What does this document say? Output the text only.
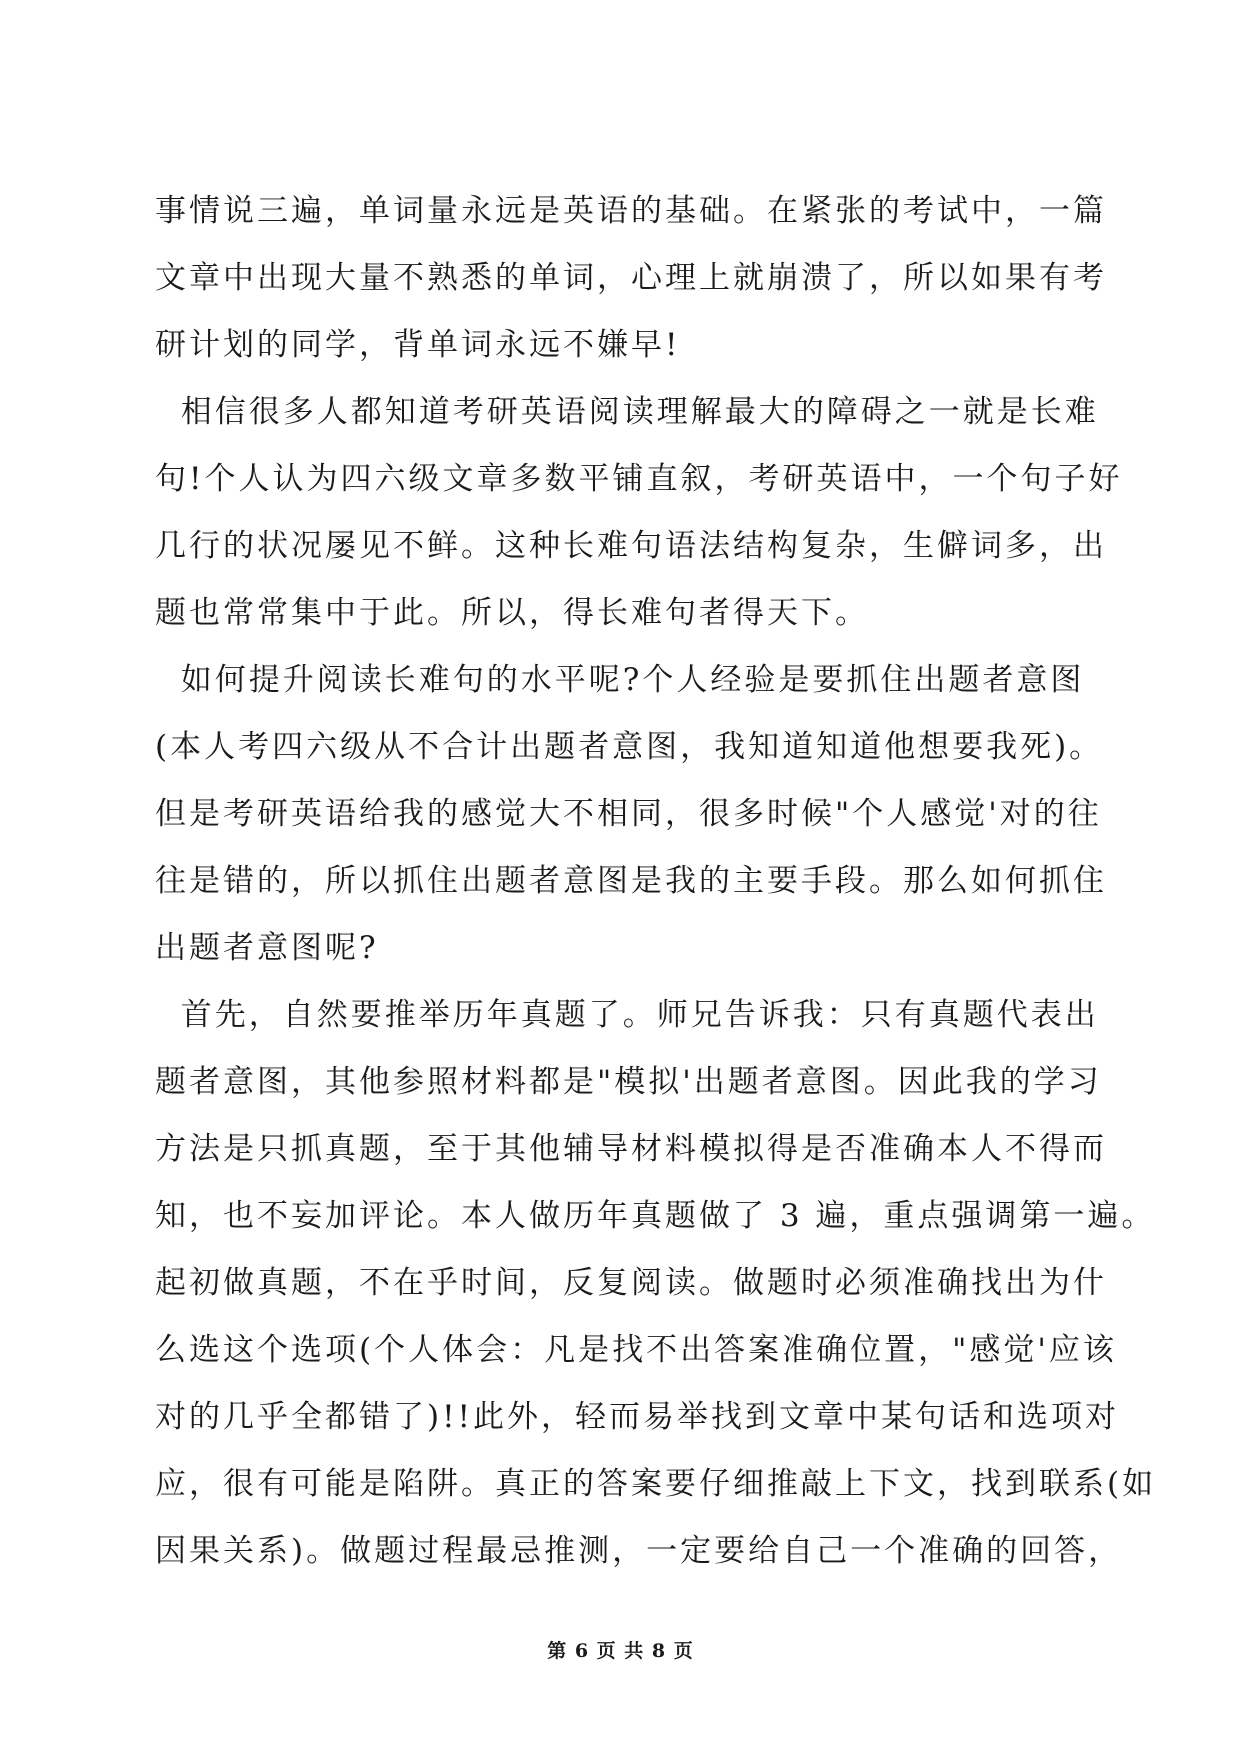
事情说三遍，单词量永远是英语的基础。在紧张的考试中，一篇
文章中出现大量不熟悉的单词，心理上就崩溃了，所以如果有考
研计划的同学，背单词永远不嫌早!
相信很多人都知道考研英语阅读理解最大的障碍之一就是长难
句!个人认为四六级文章多数平铺直叙，考研英语中，一个句子好
几行的状况屡见不鲜。这种长难句语法结构复杂，生僻词多，出
题也常常集中于此。所以，得长难句者得天下。
如何提升阅读长难句的水平呢?个人经验是要抓住出题者意图
(本人考四六级从不合计出题者意图，我知道知道他想要我死)。
但是考研英语给我的感觉大不相同，很多时候"个人感觉'对的往
往是错的，所以抓住出题者意图是我的主要手段。那么如何抓住
出题者意图呢?
首先，自然要推举历年真题了。师兄告诉我：只有真题代表出
题者意图，其他参照材料都是"模拟'出题者意图。因此我的学习
方法是只抓真题，至于其他辅导材料模拟得是否准确本人不得而
知，也不妄加评论。本人做历年真题做了 3 遍，重点强调第一遍。
起初做真题，不在乎时间，反复阅读。做题时必须准确找出为什
么选这个选项(个人体会：凡是找不出答案准确位置，"感觉'应该
对的几乎全都错了)!!此外，轻而易举找到文章中某句话和选项对
应，很有可能是陷阱。真正的答案要仔细推敲上下文，找到联系(如
因果关系)。做题过程最忌推测，一定要给自己一个准确的回答，
第 6 页 共 8 页
